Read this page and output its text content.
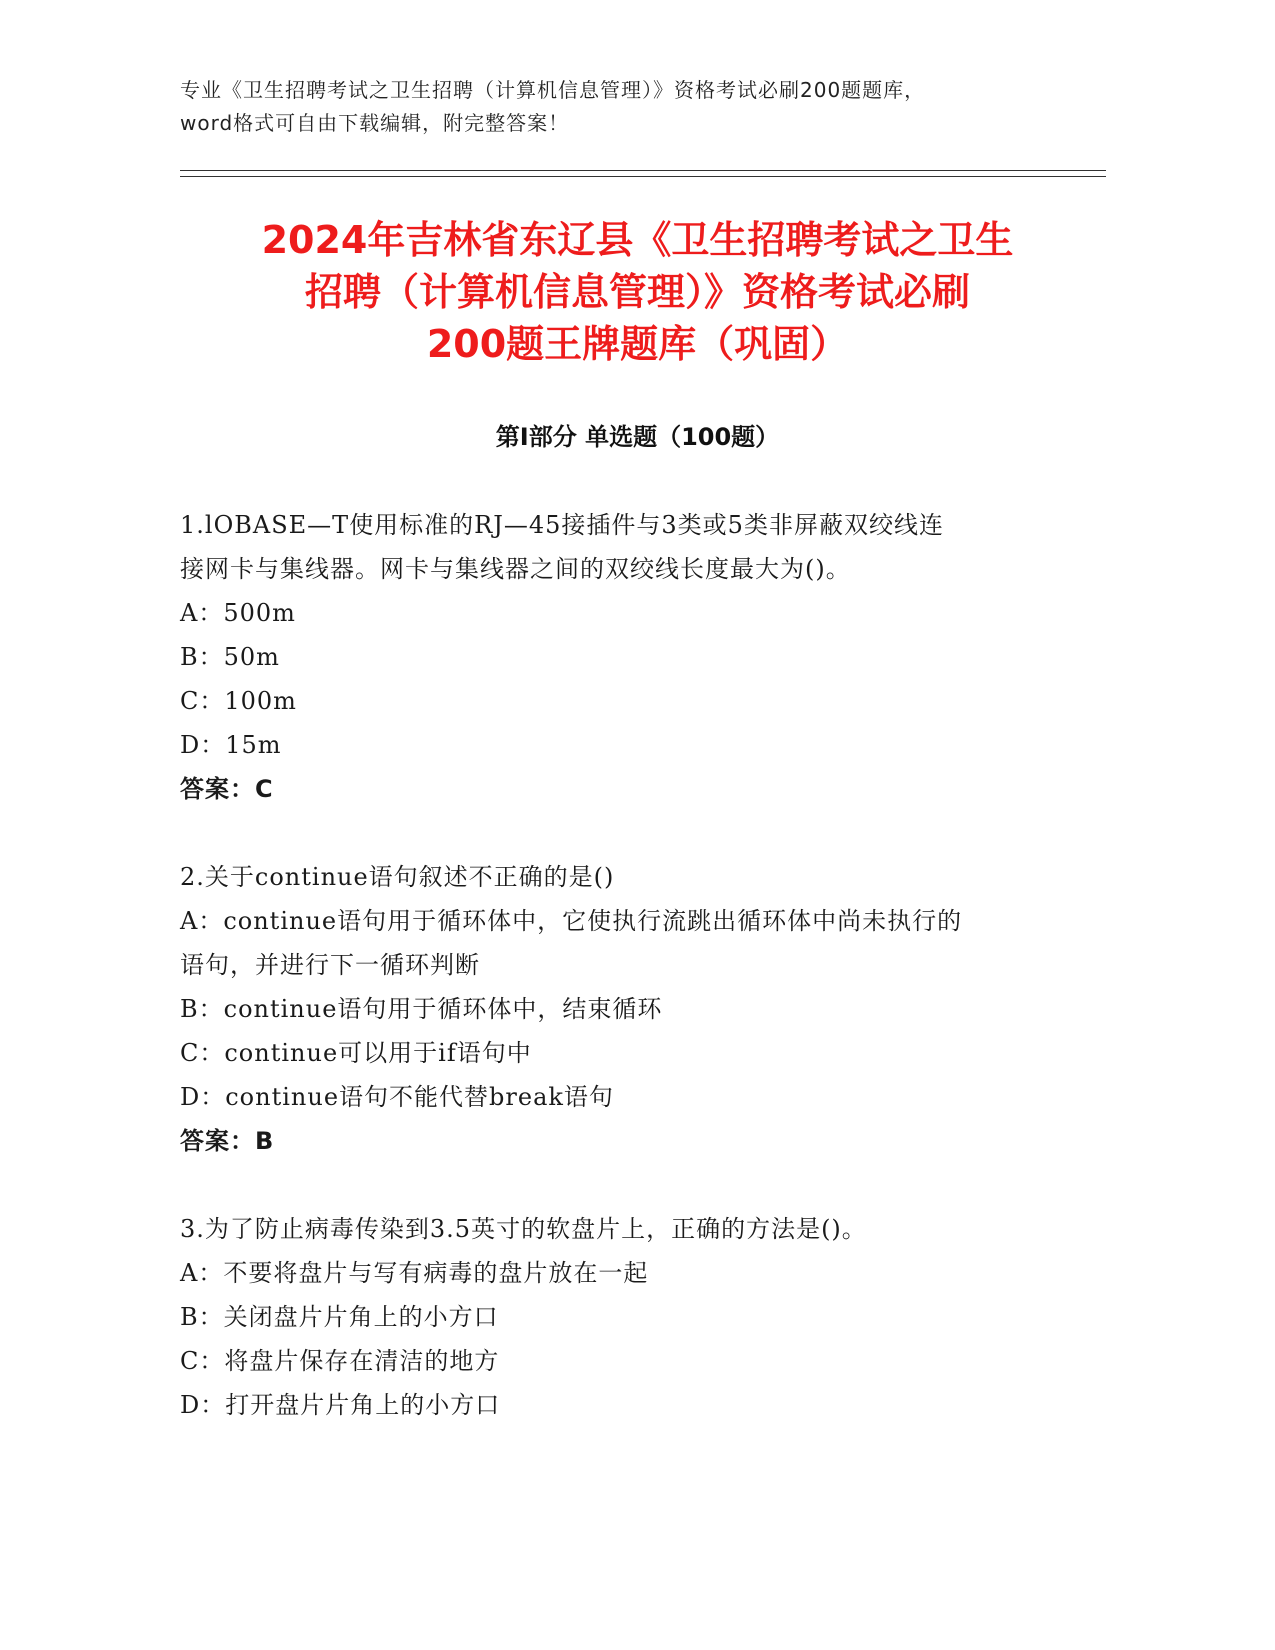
专业《卫生招聘考试之卫生招聘（计算机信息管理）》资格考试必刷200题题库，
word格式可自由下载编辑，附完整答案！
2024年吉林省东辽县《卫生招聘考试之卫生
招聘（计算机信息管理）》资格考试必刷
200题王牌题库（巩固）
第Ⅰ部分 单选题（100题）
1.lOBASE—T使用标准的RJ—45接插件与3类或5类非屏蔽双绞线连
接网卡与集线器。网卡与集线器之间的双绞线长度最大为()。
A：500m
B：50m
C：100m
D：15m
答案：C
2.关于continue语句叙述不正确的是()
A：continue语句用于循环体中，它使执行流跳出循环体中尚未执行的
语句，并进行下一循环判断
B：continue语句用于循环体中，结束循环
C：continue可以用于if语句中
D：continue语句不能代替break语句
答案：B
3.为了防止病毒传染到3.5英寸的软盘片上，正确的方法是()。
A：不要将盘片与写有病毒的盘片放在一起
B：关闭盘片片角上的小方口
C：将盘片保存在清洁的地方
D：打开盘片片角上的小方口
